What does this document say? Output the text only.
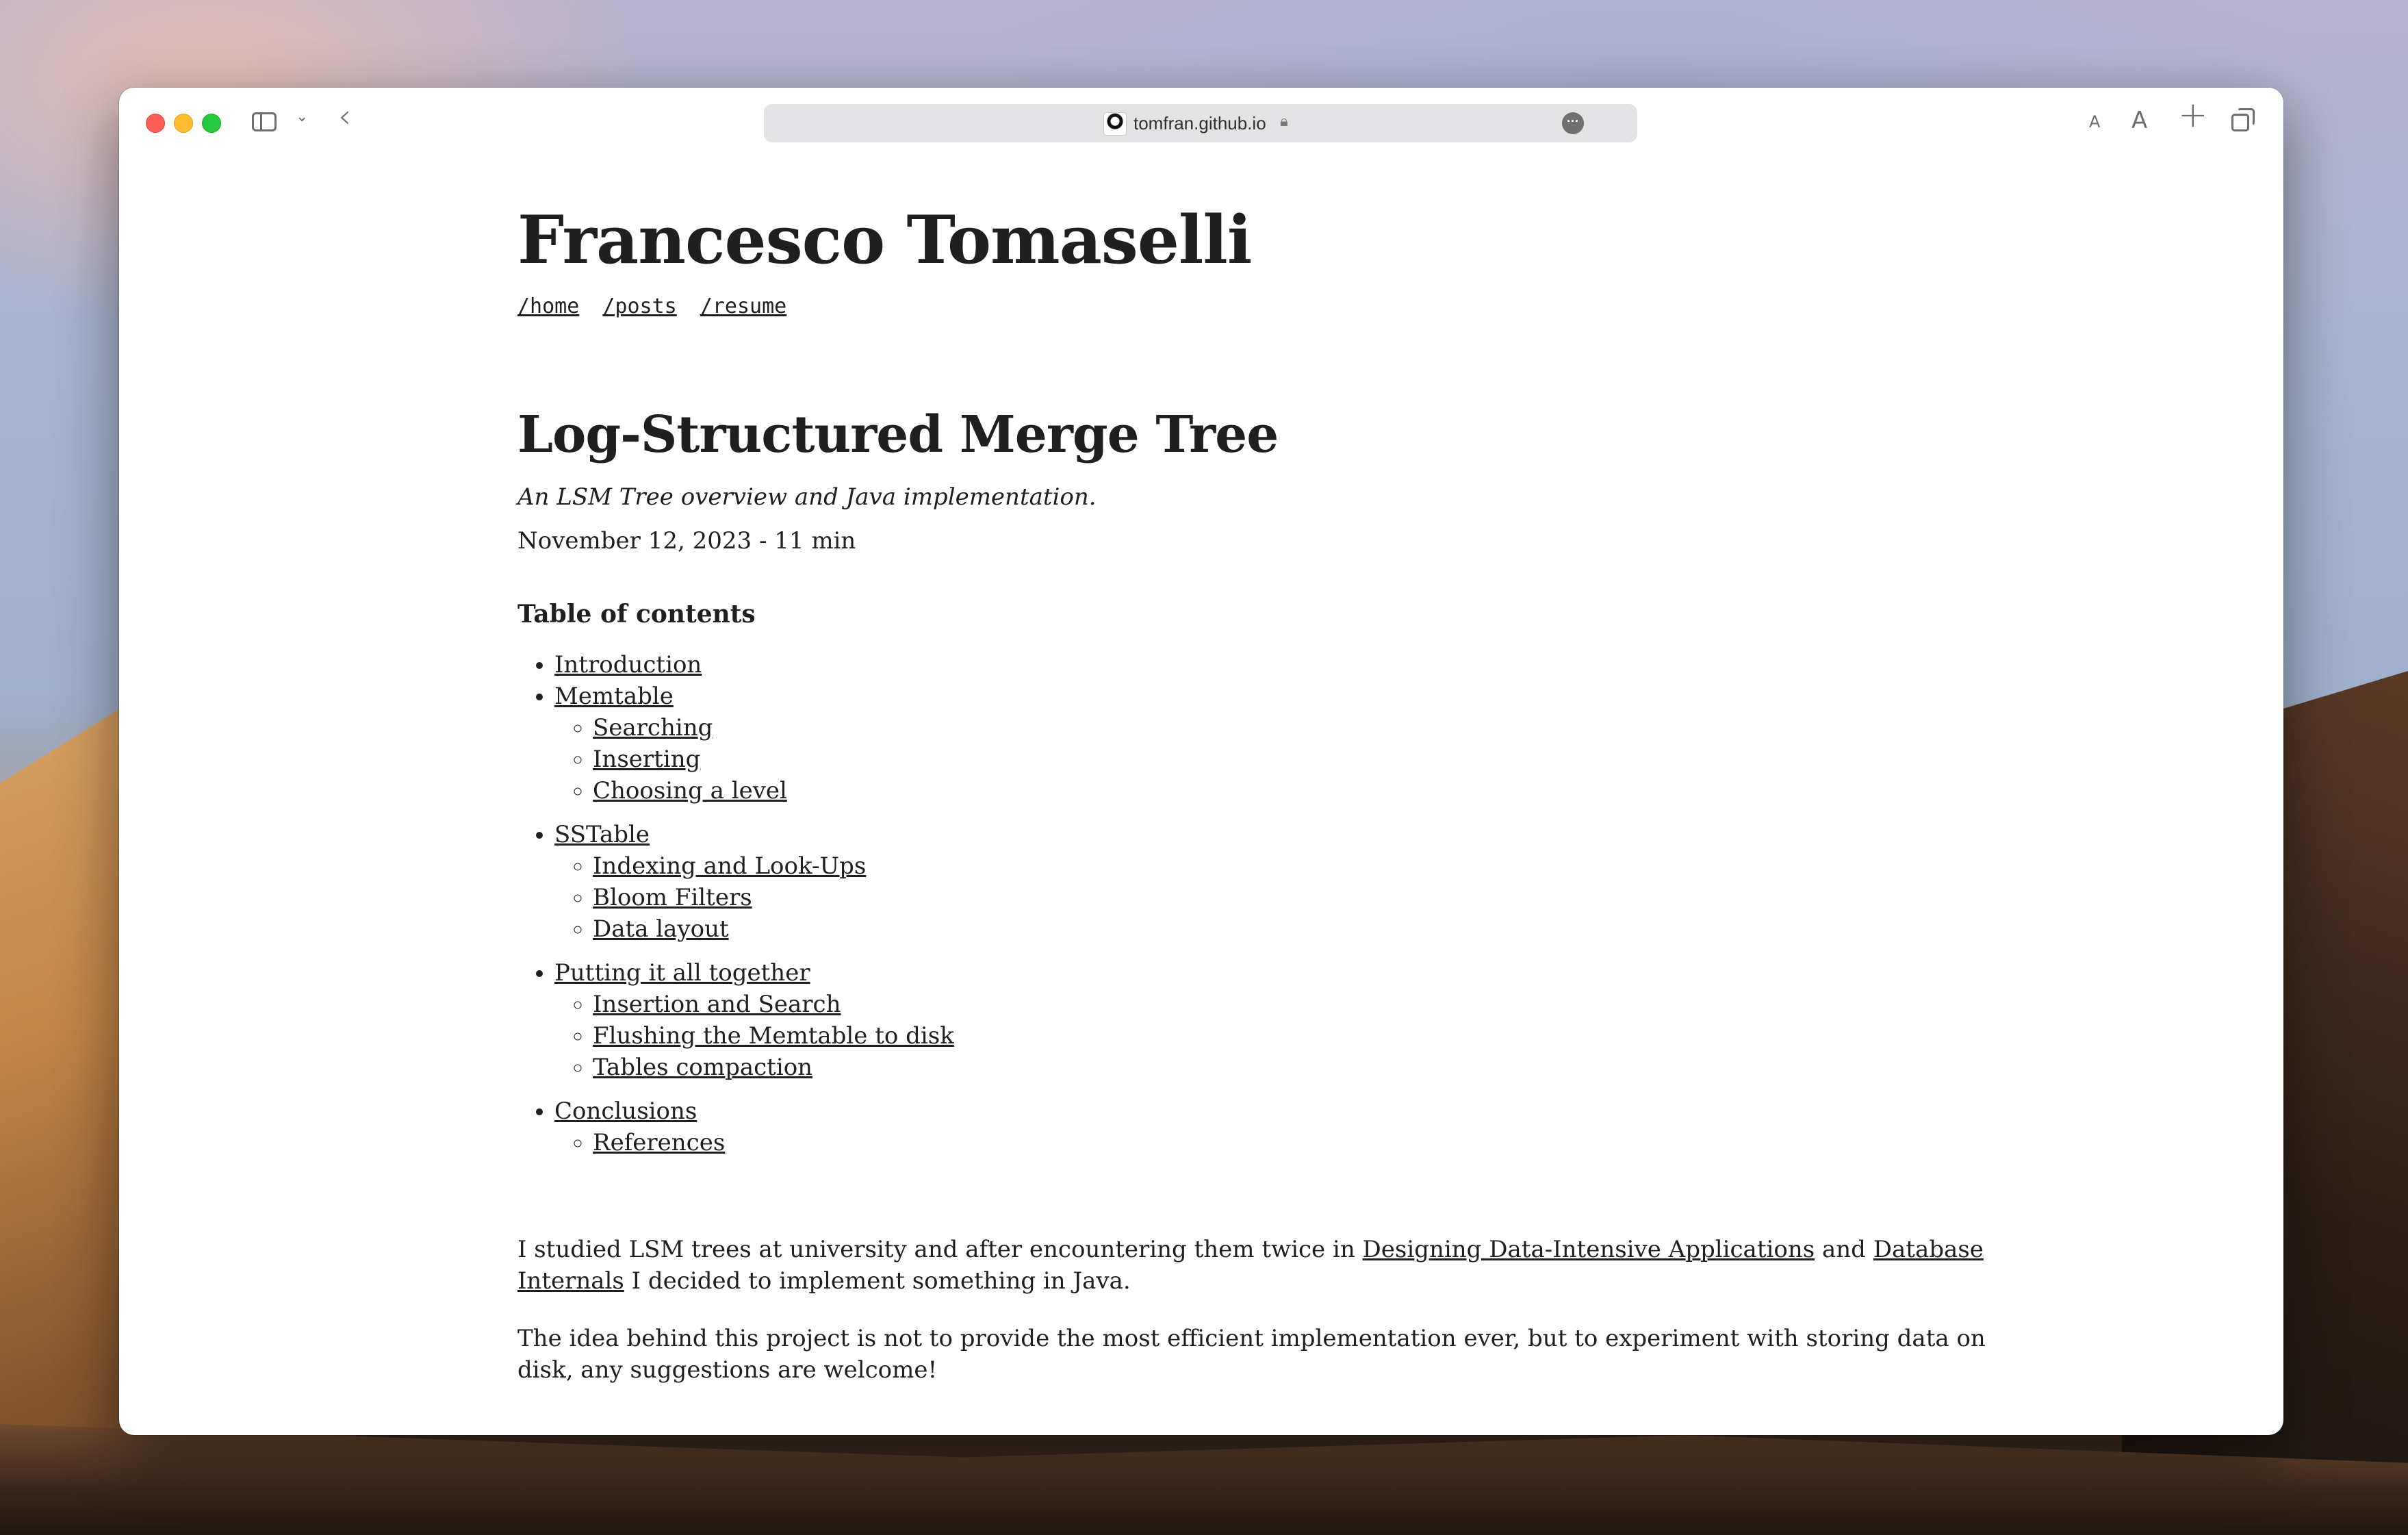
⌄ ‹	tomfran.github.io 🔒︎	···	A A +
Francesco Tomaselli
/home /posts /resume
Log-Structured Merge Tree
An LSM Tree overview and Java implementation.
November 12, 2023 - 11 min
Table of contents
• Introduction
• Memtable
◦ Searching
◦ Inserting
◦ Choosing a level
• SSTable
◦ Indexing and Look-Ups
◦ Bloom Filters
◦ Data layout
• Putting it all together
◦ Insertion and Search
◦ Flushing the Memtable to disk
◦ Tables compaction
• Conclusions
◦ References

I studied LSM trees at university and after encountering them twice in Designing Data-Intensive Applications and Database Internals I decided to implement something in Java.

The idea behind this project is not to provide the most efficient implementation ever, but to experiment with storing data on disk, any suggestions are welcome!
